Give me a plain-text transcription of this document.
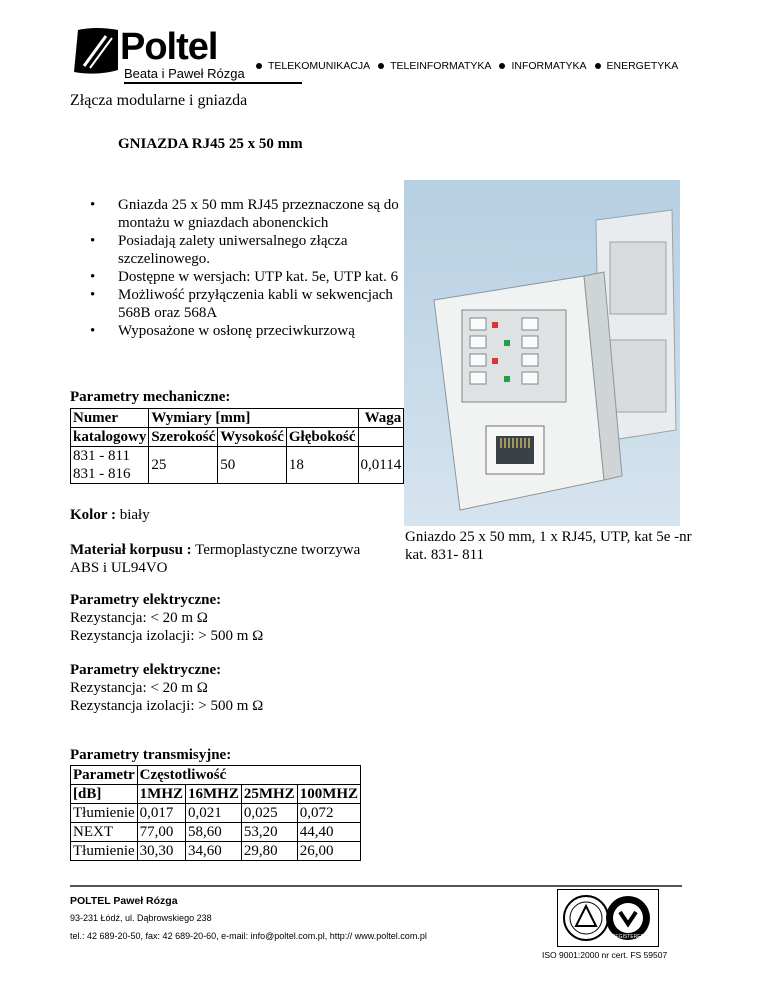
Poltel
Beata i Paweł Rózga TELEKOMUNIKACJA TELEINFORMATYKA INFORMATYKA ENERGETYKA
Złącza modularne i gniazda
GNIAZDA RJ45 25 x 50 mm
• Gniazda 25 x 50 mm RJ45 przeznaczone są do montażu w gniazdach abonenckich
• Posiadają zalety uniwersalnego złącza szczelinowego.
• Dostępne w wersjach: UTP kat. 5e, UTP kat. 6
• Możliwość przyłączenia kabli w sekwencjach 568B oraz 568A
• Wyposażone w osłonę przeciwkurzową
Gniazdo 25 x 50 mm, 1 x RJ45, UTP, kat 5e -nr kat. 831- 811
Parametry mechaniczne:
Numer	Wymiary [mm]			Waga
katalogowy	Szerokość	Wysokość	Głębokość	

831 - 811
831 - 816	25	50	18	0,0114
Kolor : biały
Materiał korpusu : Termoplastyczne tworzywa ABS i UL94VO
Parametry elektryczne:
Rezystancja: < 20 m Ω
Rezystancja izolacji: > 500 m Ω
Parametry elektryczne:
Rezystancja: < 20 m Ω
Rezystancja izolacji: > 500 m Ω
Parametry transmisyjne:
Parametr	Częstotliwość			
[dB]	1MHZ	16MHZ	25MHZ	100MHZ
Tłumienie	0,017	0,021	0,025	0,072
NEXT	77,00	58,60	53,20	44,40
Tłumienie	30,30	34,60	29,80	26,00
POLTEL Paweł Rózga
93-231 Łódź, ul. Dąbrowskiego 238
tel.: 42 689-20-50, fax: 42 689-20-60, e-mail: info@poltel.com.pl, http:// www.poltel.com.pl	REGISTERED
ISO 9001:2000 nr cert. FS 59507
